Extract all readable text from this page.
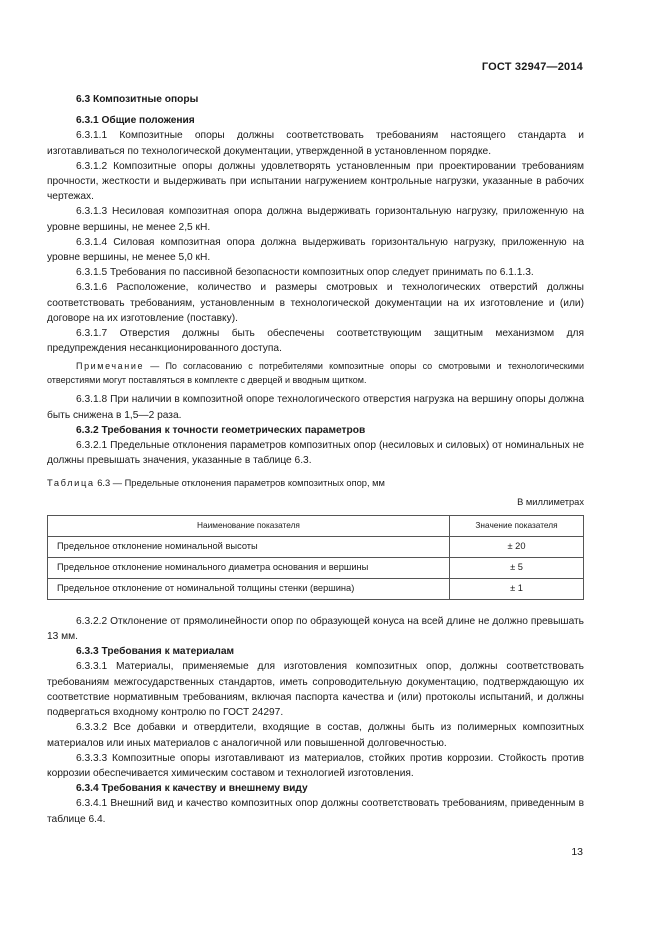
ГОСТ 32947—2014

6.3 Композитные опоры

6.3.1 Общие положения

6.3.1.1 Композитные опоры должны соответствовать требованиям настоящего стандарта и изготавливаться по технологической документации, утвержденной в установленном порядке.

6.3.1.2 Композитные опоры должны удовлетворять установленным при проектировании требованиям прочности, жесткости и выдерживать при испытании нагружением контрольные нагрузки, указанные в рабочих чертежах.

6.3.1.3 Несиловая композитная опора должна выдерживать горизонтальную нагрузку, приложенную на уровне вершины, не менее 2,5 кН.

6.3.1.4 Силовая композитная опора должна выдерживать горизонтальную нагрузку, приложенную на уровне вершины, не менее 5,0 кН.

6.3.1.5 Требования по пассивной безопасности композитных опор следует принимать по 6.1.1.3.

6.3.1.6 Расположение, количество и размеры смотровых и технологических отверстий должны соответствовать требованиям, установленным в технологической документации на их изготовление и (или) договоре на их изготовление (поставку).

6.3.1.7 Отверстия должны быть обеспечены соответствующим защитным механизмом для предупреждения несанкционированного доступа.

Примечание — По согласованию с потребителями композитные опоры со смотровыми и технологическими отверстиями могут поставляться в комплекте с дверцей и вводным щитком.

6.3.1.8 При наличии в композитной опоре технологического отверстия нагрузка на вершину опоры должна быть снижена в 1,5—2 раза.

6.3.2 Требования к точности геометрических параметров

6.3.2.1 Предельные отклонения параметров композитных опор (несиловых и силовых) от номинальных не должны превышать значения, указанные в таблице 6.3.

Таблица 6.3 — Предельные отклонения параметров композитных опор, мм

В миллиметрах

Наименование показателя	Значение показателя
Предельное отклонение номинальной высоты	± 20
Предельное отклонение номинального диаметра основания и вершины	± 5
Предельное отклонение от номинальной толщины стенки (вершина)	± 1

6.3.2.2 Отклонение от прямолинейности опор по образующей конуса на всей длине не должно превышать 13 мм.

6.3.3 Требования к материалам

6.3.3.1 Материалы, применяемые для изготовления композитных опор, должны соответствовать требованиям межгосударственных стандартов, иметь сопроводительную документацию, подтверждающую их соответствие нормативным требованиям, включая паспорта качества и (или) протоколы испытаний, и должны подвергаться входному контролю по ГОСТ 24297.

6.3.3.2 Все добавки и отвердители, входящие в состав, должны быть из полимерных композитных материалов или иных материалов с аналогичной или повышенной долговечностью.

6.3.3.3 Композитные опоры изготавливают из материалов, стойких против коррозии. Стойкость против коррозии обеспечивается химическим составом и технологией изготовления.

6.3.4 Требования к качеству и внешнему виду

6.3.4.1 Внешний вид и качество композитных опор должны соответствовать требованиям, приведенным в таблице 6.4.

13
